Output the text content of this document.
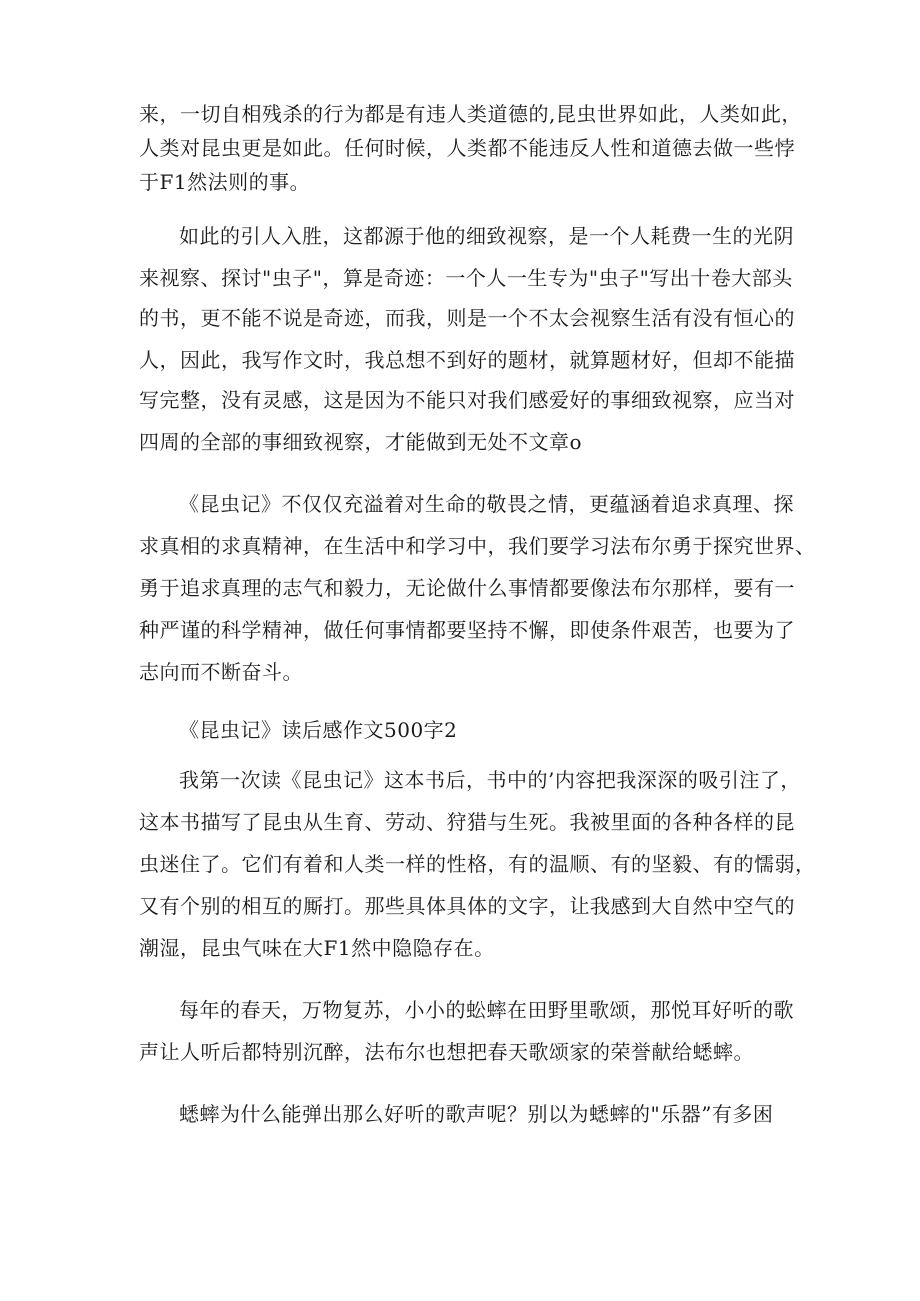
来，一切自相残杀的行为都是有违人类道德的,昆虫世界如此，人类如此，
人类对昆虫更是如此。任何时候，人类都不能违反人性和道德去做一些悖
于F1然法则的事。
如此的引人入胜，这都源于他的细致视察，是一个人耗费一生的光阴
来视察、探讨"虫子"，算是奇迹：一个人一生专为"虫子"写出十卷大部头
的书，更不能不说是奇迹，而我，则是一个不太会视察生活有没有恒心的
人，因此，我写作文时，我总想不到好的题材，就算题材好，但却不能描
写完整，没有灵感，这是因为不能只对我们感爱好的事细致视察，应当对
四周的全部的事细致视察，才能做到无处不文章o
《昆虫记》不仅仅充溢着对生命的敬畏之情，更蕴涵着追求真理、探
求真相的求真精神，在生活中和学习中，我们要学习法布尔勇于探究世界、
勇于追求真理的志气和毅力，无论做什么事情都要像法布尔那样，要有一
种严谨的科学精神，做任何事情都要坚持不懈，即使条件艰苦，也要为了
志向而不断奋斗。
《昆虫记》读后感作文500字2
我第一次读《昆虫记》这本书后，书中的’内容把我深深的吸引注了，
这本书描写了昆虫从生育、劳动、狩猎与生死。我被里面的各种各样的昆
虫迷住了。它们有着和人类一样的性格，有的温顺、有的坚毅、有的懦弱，
又有个别的相互的厮打。那些具体具体的文字，让我感到大自然中空气的
潮湿，昆虫气味在大F1然中隐隐存在。
每年的春天，万物复苏，小小的蚣蟀在田野里歌颂，那悦耳好听的歌
声让人听后都特别沉醉，法布尔也想把春天歌颂家的荣誉献给蟋蟀。
蟋蟀为什么能弹出那么好听的歌声呢？别以为蟋蟀的"乐器”有多困
